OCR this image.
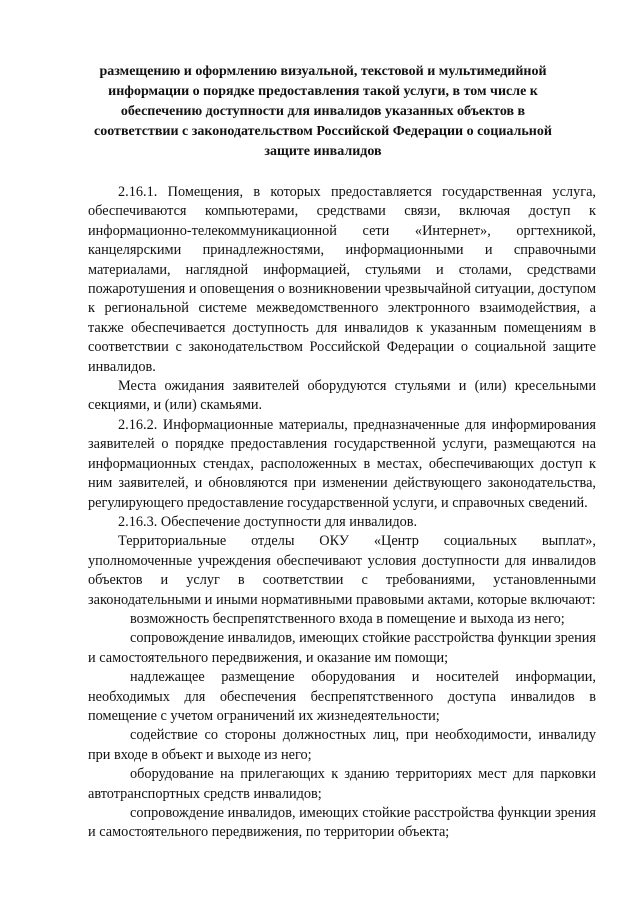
размещению и оформлению визуальной, текстовой и мультимедийной
информации о порядке предоставления такой услуги, в том числе к
обеспечению доступности для инвалидов указанных объектов в
соответствии с законодательством Российской Федерации о социальной
защите инвалидов

2.16.1. Помещения, в которых предоставляется государственная услуга, обеспечиваются компьютерами, средствами связи, включая доступ к информационно-телекоммуникационной сети «Интернет», оргтехникой, канцелярскими принадлежностями, информационными и справочными материалами, наглядной информацией, стульями и столами, средствами пожаротушения и оповещения о возникновении чрезвычайной ситуации, доступом к региональной системе межведомственного электронного взаимодействия, а также обеспечивается доступность для инвалидов к указанным помещениям в соответствии с законодательством Российской Федерации о социальной защите инвалидов.

Места ожидания заявителей оборудуются стульями и (или) кресельными секциями, и (или) скамьями.

2.16.2. Информационные материалы, предназначенные для информирования заявителей о порядке предоставления государственной услуги, размещаются на информационных стендах, расположенных в местах, обеспечивающих доступ к ним заявителей, и обновляются при изменении действующего законодательства, регулирующего предоставление государственной услуги, и справочных сведений.

2.16.3. Обеспечение доступности для инвалидов.

Территориальные отделы ОКУ «Центр социальных выплат», уполномоченные учреждения обеспечивают условия доступности для инвалидов объектов и услуг в соответствии с требованиями, установленными законодательными и иными нормативными правовыми актами, которые включают:

возможность беспрепятственного входа в помещение и выхода из него;

сопровождение инвалидов, имеющих стойкие расстройства функции зрения и самостоятельного передвижения, и оказание им помощи;

надлежащее размещение оборудования и носителей информации, необходимых для обеспечения беспрепятственного доступа инвалидов в помещение с учетом ограничений их жизнедеятельности;

содействие со стороны должностных лиц, при необходимости, инвалиду при входе в объект и выходе из него;

оборудование на прилегающих к зданию территориях мест для парковки автотранспортных средств инвалидов;

сопровождение инвалидов, имеющих стойкие расстройства функции зрения и самостоятельного передвижения, по территории объекта;
